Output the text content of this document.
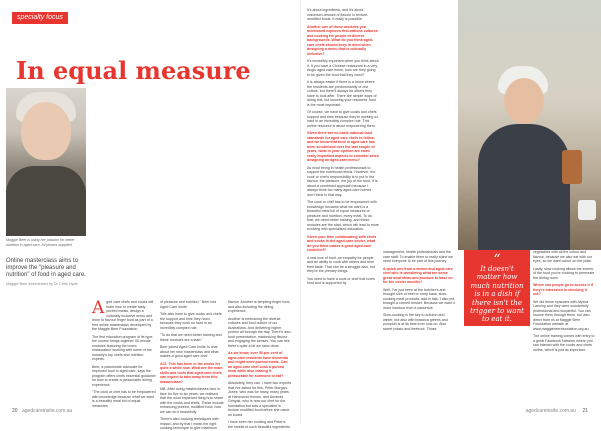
specialty focus
In equal measure
Maggie Beer is using her passion for better nutrition in aged care. All photos supplied.
Online masterclass aims to improve the "pleasure and nutrition" of food in aged care.
Maggie Beer interviewed by Dr Chris Hyde

Aged care chefs and cooks will learn how to create tasty puréed meals, design a culturally inclusive menu and learn to flavour finger food as part of a free online masterclass developed by the Maggie Beer Foundation.

The first education program of its type, the course brings together 30-minute modules featuring the iconic restaurateur working with some of the industry's top chefs and nutrition experts.

Beer, a passionate advocate for improved food in aged care, says the program offers chefs essential guidance on how to create a pleasurable dining experience.

"The cook or chef has to be empowered with knowledge because what we want is a beautiful meal full of equal measures

of pleasure and nutrition," Beer told Aged Care Insite.

"We also have to give cooks and chefs the support and time they need, because they work so hard in an incredibly complex role.

"To do that we need better training and these modules are a start."

Beer joined Aged Care Insite to chat about her new masterclass and what makes a good aged care chef.

ACI: This has been in the works for quite a while now. What are the main skills and tools that aged care chefs can expect to take away from this masterclass?

MB: After doing masterclasses face to face for five to six years, we realised that the most important thing is to share with the cooks and chefs. These include enhancing puréed, modified food, how we can do it beautifully.

There's also cooking techniques with impact, and by that I mean the right cooking technique to give maximum

flavour. Another is tempting finger food, and also including the dining experience.

Another is embracing the diverse cultures and food culture of our Australians. And delivering higher protein all through the day. There's also food presentation, maximising flavour and engaging the senses. You can see there's quite a bit we have done.

As we know, over 50 per cent of aged-care residents have dementia and might need pureed meals. Can an aged-care chef cook a pureed meal while also making it pleasurable for someone to eat?

Absolutely, they can. I have two experts that I've asked for this: Peter Morgan-Jones, who was for many, many years at Hammond Homes, and Amanda Grinyak, who is now our chef for the foundation but was a specialist in texture modified food before she came on board.

I have seen her cooking and Peter's: the smells of such beautiful ingredients.

20 agedcareinsite.com.au

It's about ingredients, and it's about maximum amount of flavour in texture-modified foods. It really is possible.

Another one of these modules you mentioned explores first-nations cultures and cooking for people of diverse backgrounds. What do you think aged-care chefs should keep in mind when designing a menu that is culturally inclusive?

It's incredibly important when you think about it. If you have a Chinese restaurant in a very Anglo aged care home, how are they going to be given the food that they need?

It is always easier if there is a home where the residents are predominantly of one culture, but there'll always be others they have to look after. There are simple ways of doing this, but knowing your residents' food is the most important.

Of course, we have to give cooks and chefs support and time because they're working so hard in an incredibly complex role. This online resource is about empowering them.

Given there are no basic national food standards for aged care chefs to follow, and we know that food in aged care has been scrutinised over the last couple of years, what in your opinion are some really important aspects to consider when designing an aged-care menu?

As most being in health professionals to support the nutritional needs. However, the cook or chef's responsibility is to put in the flavour, the pleasure, the joy of the food. It is about a combined approach because I always think too many aged-care homes don't think in that way.

The cook or chef has to be empowered with knowledge because what we want is a beautiful meal full of equal measures of pleasure and nutrition, every meal. To do that, we need better training, and these modules are the start, which will lead to more evolving with specialised education.

Given your time collaborating with chefs and cooks in the aged-care sector, what do you think makes a good aged-care cook/chef?

A real love of food, an empathy for people and an ability to cook with others and tune their taste. That can be a struggle also, but they're the primary things.

You need to have a cook or chef that loves food and is supported by

management, health professionals and the care staff. To enable them to really shine we need everyone to be part of this journey.

A quick one from a viewer and aged-care chef who is wondering what are some great meal ideas and produce to base on for the cooler months?

Well, I've just been at the butcher's and brought slim of beef or rump base, slow-cooking meat products, add in fats. I also put brought a corned brisket. Because we want it more luscious from a casserole.

Slow-cooking is the key to autumn and winter, but also with brassica greens and pumpkin is at its best from now on. Also sweet potato and beetroot. Those

“
It doesn't matter how much nutrition is in a dish if there isn't the trigger to want to eat it.

vegetables with all the colour and flavour, because we also eat with our eyes, so we want colour on the plate.

Lastly, slow cooking allows the scents of the food you're cooking to permeate the dining room.

Where can people go to access it if they're interested in checking it out?

We did these episodes with Alyssa Lanning and they were wonderfully professional and wonderful. You can source them through them, but also direct from us at Maggie Beer Foundation website at www.maggiebeerfoundation.org.au.

The online training comes with entry to a great Facebook Network where you can interact with the cooks and chefs online, which is just as important.

agedcareinsite.com.au 21
